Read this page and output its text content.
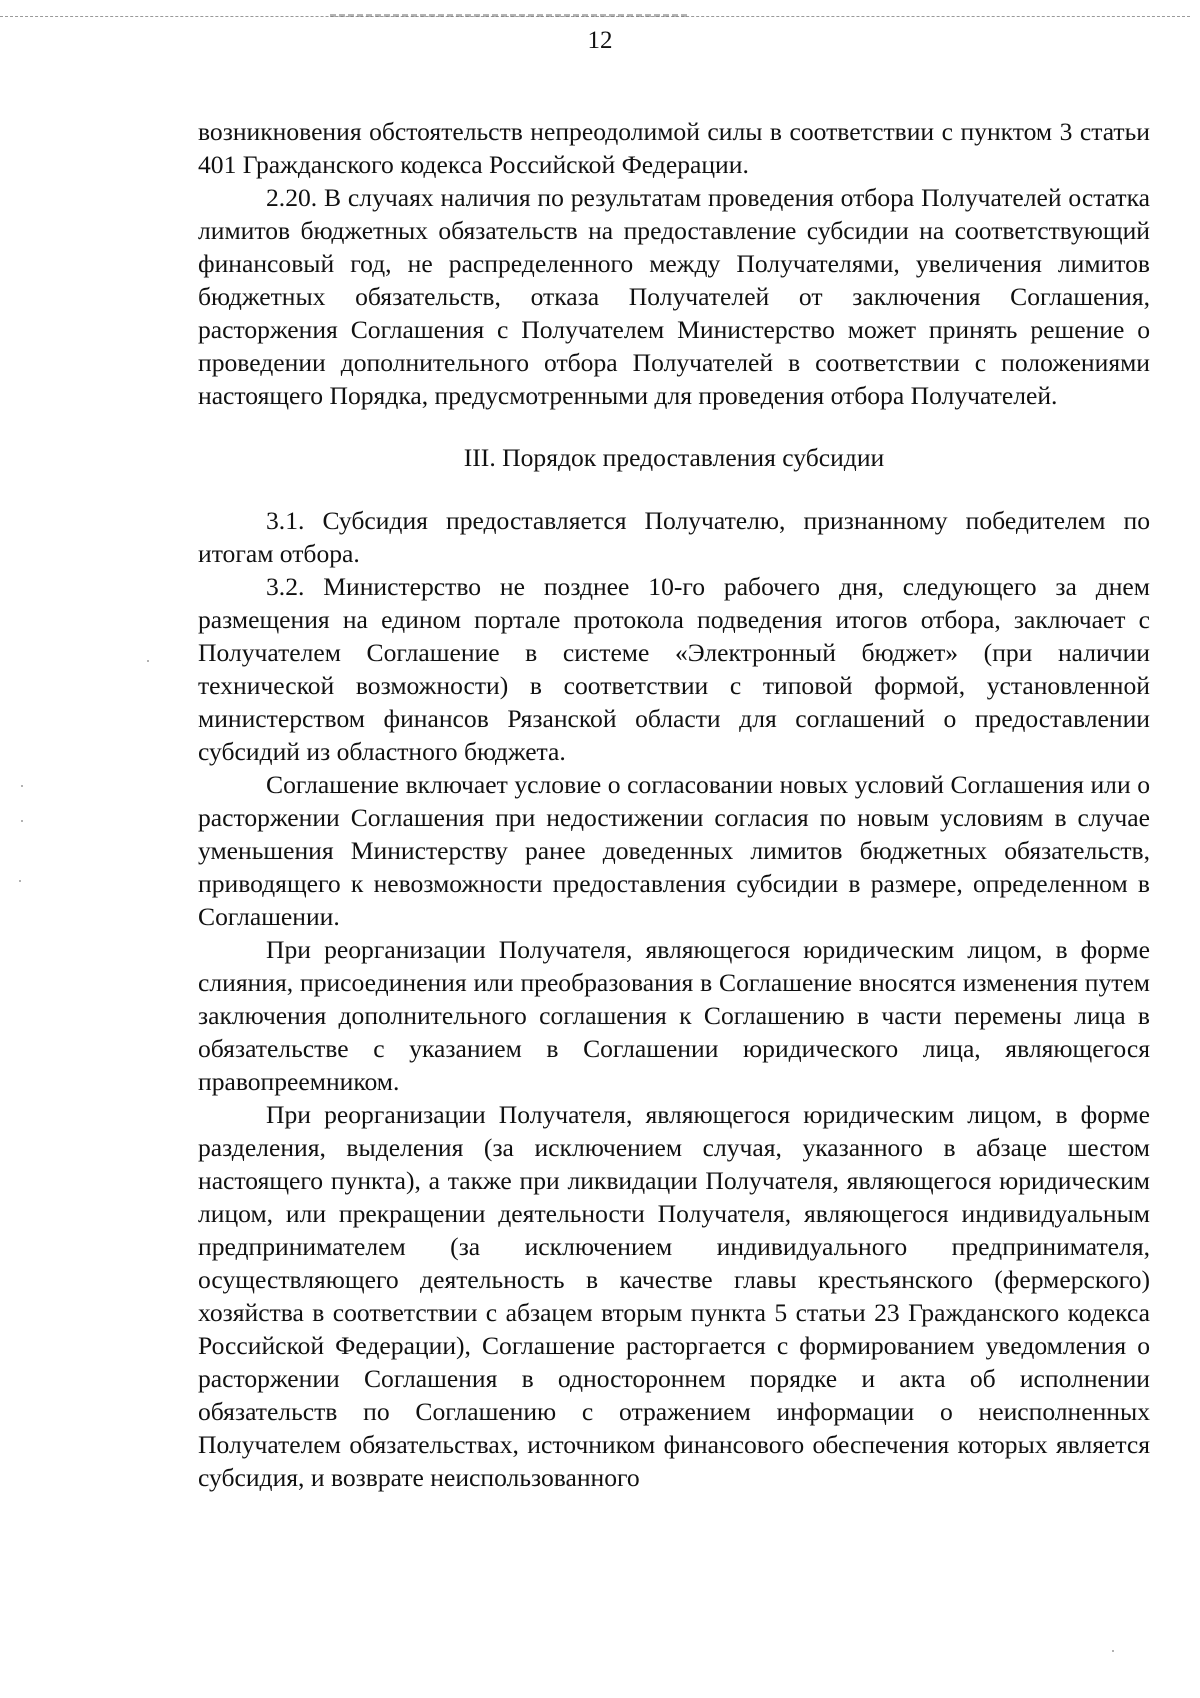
12

возникновения обстоятельств непреодолимой силы в соответствии с пунктом 3 статьи 401 Гражданского кодекса Российской Федерации.

2.20. В случаях наличия по результатам проведения отбора Получателей остатка лимитов бюджетных обязательств на предоставление субсидии на соответствующий финансовый год, не распределенного между Получателями, увеличения лимитов бюджетных обязательств, отказа Получателей от заключения Соглашения, расторжения Соглашения с Получателем Министерство может принять решение о проведении дополнительного отбора Получателей в соответствии с положениями настоящего Порядка, предусмотренными для проведения отбора Получателей.

III. Порядок предоставления субсидии

3.1. Субсидия предоставляется Получателю, признанному победителем по итогам отбора.

3.2. Министерство не позднее 10-го рабочего дня, следующего за днем размещения на едином портале протокола подведения итогов отбора, заключает с Получателем Соглашение в системе «Электронный бюджет» (при наличии технической возможности) в соответствии с типовой формой, установленной министерством финансов Рязанской области для соглашений о предоставлении субсидий из областного бюджета.

Соглашение включает условие о согласовании новых условий Соглашения или о расторжении Соглашения при недостижении согласия по новым условиям в случае уменьшения Министерству ранее доведенных лимитов бюджетных обязательств, приводящего к невозможности предоставления субсидии в размере, определенном в Соглашении.

При реорганизации Получателя, являющегося юридическим лицом, в форме слияния, присоединения или преобразования в Соглашение вносятся изменения путем заключения дополнительного соглашения к Соглашению в части перемены лица в обязательстве с указанием в Соглашении юридического лица, являющегося правопреемником.

При реорганизации Получателя, являющегося юридическим лицом, в форме разделения, выделения (за исключением случая, указанного в абзаце шестом настоящего пункта), а также при ликвидации Получателя, являющегося юридическим лицом, или прекращении деятельности Получателя, являющегося индивидуальным предпринимателем (за исключением индивидуального предпринимателя, осуществляющего деятельность в качестве главы крестьянского (фермерского) хозяйства в соответствии с абзацем вторым пункта 5 статьи 23 Гражданского кодекса Российской Федерации), Соглашение расторгается с формированием уведомления о расторжении Соглашения в одностороннем порядке и акта об исполнении обязательств по Соглашению с отражением информации о неисполненных Получателем обязательствах, источником финансового обеспечения которых является субсидия, и возврате неиспользованного
